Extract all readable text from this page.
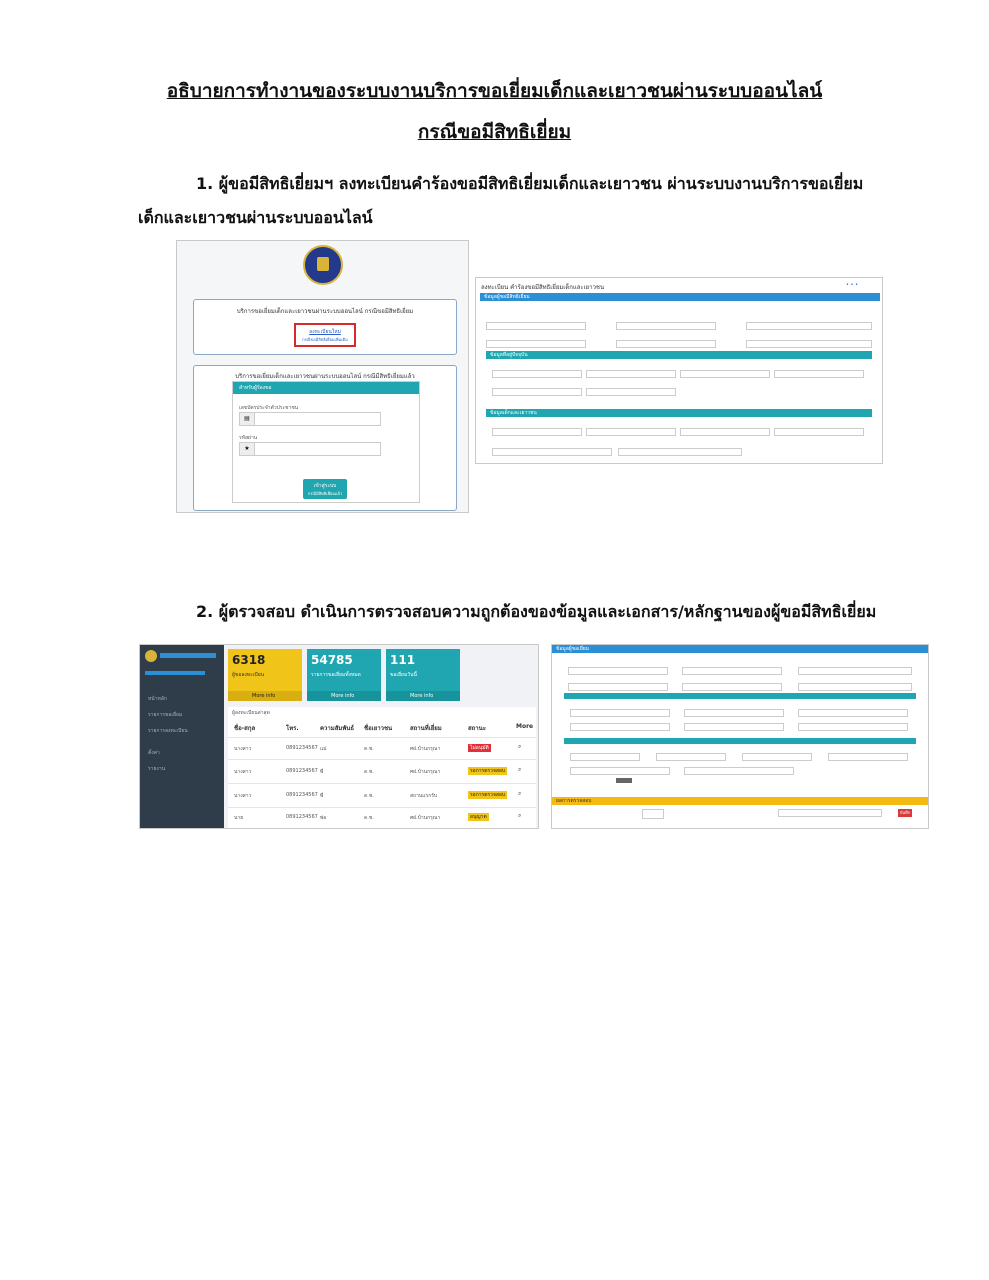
อธิบายการทำงานของระบบงานบริการขอเยี่ยมเด็กและเยาวชนผ่านระบบออนไลน์
กรณีขอมีสิทธิเยี่ยม
1. ผู้ขอมีสิทธิเยี่ยมฯ ลงทะเบียนคำร้องขอมีสิทธิเยี่ยมเด็กและเยาวชน ผ่านระบบงานบริการขอเยี่ยม
เด็กและเยาวชนผ่านระบบออนไลน์
บริการขอเยี่ยมเด็กและเยาวชนผ่านระบบออนไลน์ กรณีขอมีสิทธิเยี่ยม
ลงทะเบียนใหม่
กรณีขอมีสิทธิเยี่ยมเพิ่มเติม
บริการขอเยี่ยมเด็กและเยาวชนผ่านระบบออนไลน์ กรณีมีสิทธิเยี่ยมแล้ว
สำหรับผู้ร้องขอ
เลขบัตรประจำตัวประชาชน
▤
รหัสผ่าน
★
เข้าสู่ระบบ
กรณีมีสิทธิเยี่ยมแล้ว
ลงทะเบียน คำร้องขอมีสิทธิเยี่ยมเด็กและเยาวชน	• • •
ข้อมูลผู้ขอมีสิทธิเยี่ยม
ข้อมูลที่อยู่ปัจจุบัน
ข้อมูลเด็กและเยาวชน
2. ผู้ตรวจสอบ ดำเนินการตรวจสอบความถูกต้องของข้อมูลและเอกสาร/หลักฐานของผู้ขอมีสิทธิเยี่ยม
หน้าหลัก
รายการขอเยี่ยม
รายการลงทะเบียน
ตั้งค่า
รายงาน
6318
ผู้ขอลงทะเบียน
More info
54785
รายการขอเยี่ยมทั้งหมด
More info
111
ขอเยี่ยมวันนี้
More info
ผู้ลงทะเบียนล่าสุด
ชื่อ-สกุล	โทร.	ความสัมพันธ์ ชื่อเยาวชน	สถานที่เยี่ยม	สถานะ	More
นางสาว	0891234567 แม่	ด.ช.	ศฝ.บ้านกรุณา	ไม่อนุมัติ	⌕
นางสาว	0891234567 พี่	ด.ช.	ศฝ.บ้านกรุณา	รอการตรวจสอบ	⌕
นางสาว	0891234567 พี่	ด.ช.	สถานแรกรับ	รอการตรวจสอบ	⌕
นาย	0891234567 พ่อ	ด.ช.	ศฝ.บ้านกรุณา	อนุญาต	⌕
ข้อมูลผู้ขอเยี่ยม
ผลการตรวจสอบ
บันทึก
